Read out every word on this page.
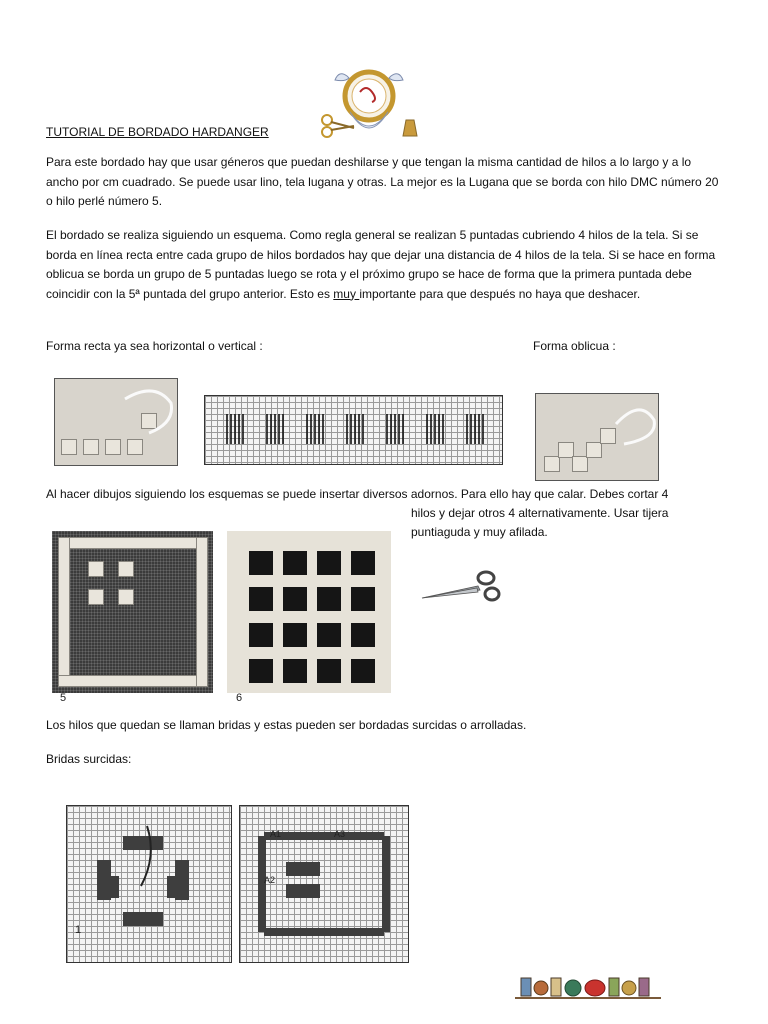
TUTORIAL DE BORDADO HARDANGER
Para este bordado hay que usar géneros que puedan deshilarse y que tengan la misma cantidad de hilos a lo largo y a lo ancho por cm cuadrado. Se puede usar lino, tela lugana y otras. La mejor es la Lugana que se borda con hilo DMC número 20 o hilo perlé número 5.
El bordado se realiza siguiendo un esquema. Como regla general se realizan 5 puntadas cubriendo 4 hilos de la tela. Si se borda en línea recta entre cada grupo de hilos bordados hay que dejar una distancia de 4 hilos de la tela. Si se hace en forma oblicua se borda un grupo de 5 puntadas luego se rota y el próximo grupo se hace de forma que la primera puntada debe coincidir con la 5ª puntada del grupo anterior. Esto es muy importante para que después no haya que deshacer.
Forma recta ya sea horizontal o vertical :	Forma oblicua :
Al hacer dibujos siguiendo los esquemas se puede insertar diversos adornos. Para ello hay que calar. Debes cortar 4
hilos y dejar otros 4 alternativamente. Usar tijera
puntiaguda y muy afilada.
5	6
Los hilos que quedan se llaman bridas y estas pueden ser bordadas surcidas o arrolladas.
Bridas surcidas:
1
A1	A3
A2
